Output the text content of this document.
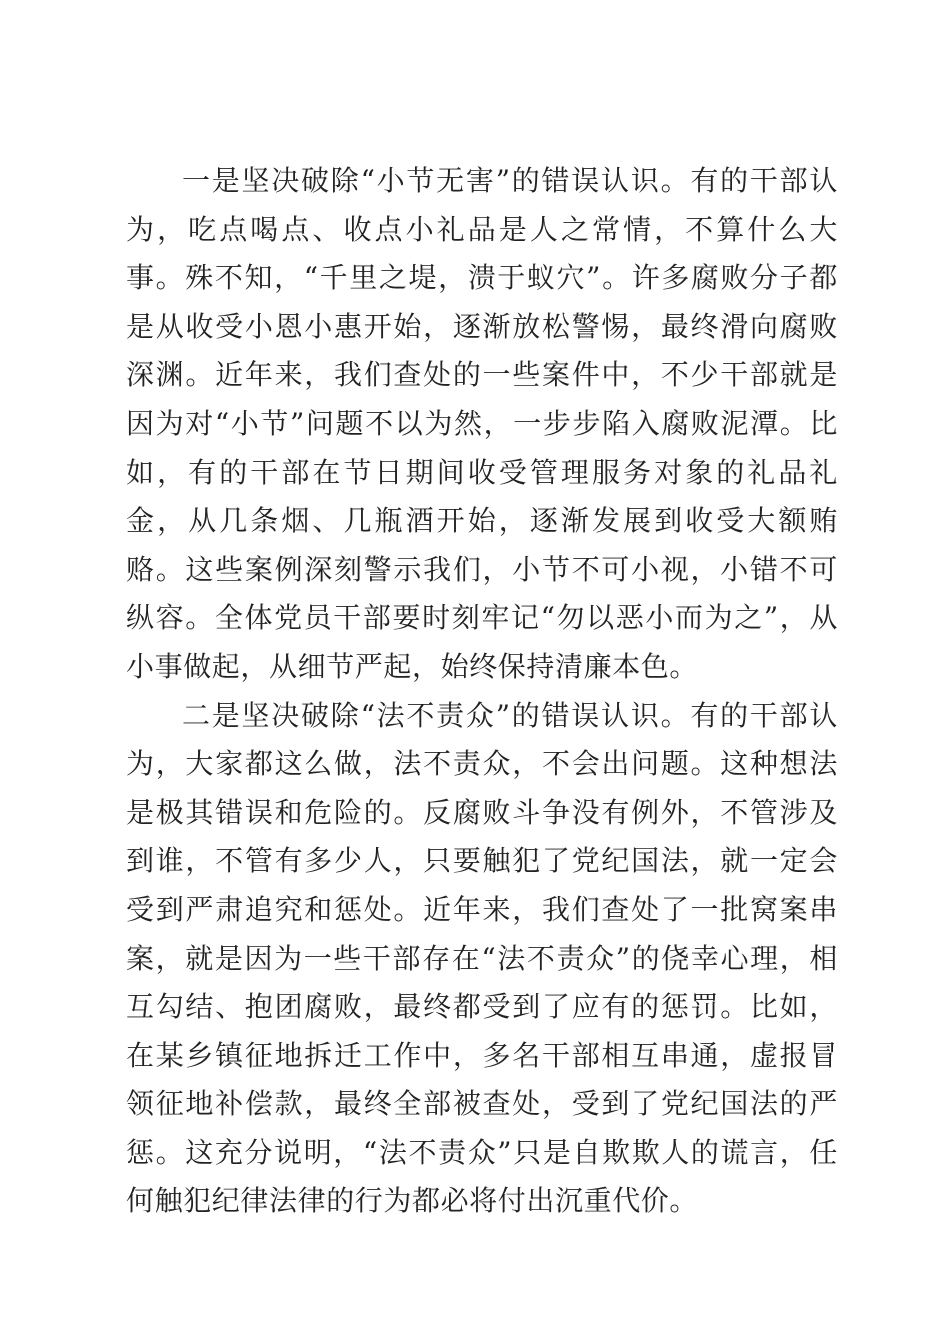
一是坚决破除“小节无害”的错误认识。有的干部认为，吃点喝点、收点小礼品是人之常情，不算什么大事。殊不知，“千里之堤，溃于蚁穴”。许多腐败分子都是从收受小恩小惠开始，逐渐放松警惕，最终滑向腐败深渊。近年来，我们查处的一些案件中，不少干部就是因为对“小节”问题不以为然，一步步陷入腐败泥潭。比如，有的干部在节日期间收受管理服务对象的礼品礼金，从几条烟、几瓶酒开始，逐渐发展到收受大额贿赂。这些案例深刻警示我们，小节不可小视，小错不可纵容。全体党员干部要时刻牢记“勿以恶小而为之”，从小事做起，从细节严起，始终保持清廉本色。

二是坚决破除“法不责众”的错误认识。有的干部认为，大家都这么做，法不责众，不会出问题。这种想法是极其错误和危险的。反腐败斗争没有例外，不管涉及到谁，不管有多少人，只要触犯了党纪国法，就一定会受到严肃追究和惩处。近年来，我们查处了一批窝案串案，就是因为一些干部存在“法不责众”的侥幸心理，相互勾结、抱团腐败，最终都受到了应有的惩罚。比如，在某乡镇征地拆迁工作中，多名干部相互串通，虚报冒领征地补偿款，最终全部被查处，受到了党纪国法的严惩。这充分说明，“法不责众”只是自欺欺人的谎言，任何触犯纪律法律的行为都必将付出沉重代价。
